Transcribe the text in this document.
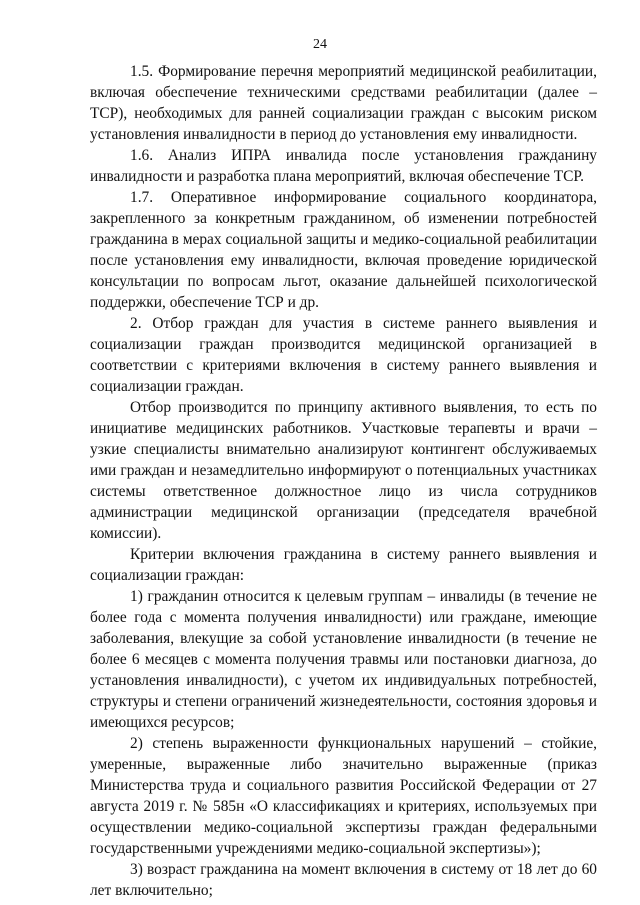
24

1.5. Формирование перечня мероприятий медицинской реабилитации, включая обеспечение техническими средствами реабилитации (далее – ТСР), необходимых для ранней социализации граждан с высоким риском установления инвалидности в период до установления ему инвалидности.

1.6. Анализ ИПРА инвалида после установления гражданину инвалидности и разработка плана мероприятий, включая обеспечение ТСР.

1.7. Оперативное информирование социального координатора, закрепленного за конкретным гражданином, об изменении потребностей гражданина в мерах социальной защиты и медико-социальной реабилитации после установления ему инвалидности, включая проведение юридической консультации по вопросам льгот, оказание дальнейшей психологической поддержки, обеспечение ТСР и др.

2. Отбор граждан для участия в системе раннего выявления и социализации граждан производится медицинской организацией в соответствии с критериями включения в систему раннего выявления и социализации граждан.

Отбор производится по принципу активного выявления, то есть по инициативе медицинских работников. Участковые терапевты и врачи – узкие специалисты внимательно анализируют контингент обслуживаемых ими граждан и незамедлительно информируют о потенциальных участниках системы ответственное должностное лицо из числа сотрудников администрации медицинской организации (председателя врачебной комиссии).

Критерии включения гражданина в систему раннего выявления и социализации граждан:

1) гражданин относится к целевым группам – инвалиды (в течение не более года с момента получения инвалидности) или граждане, имеющие заболевания, влекущие за собой установление инвалидности (в течение не более 6 месяцев с момента получения травмы или постановки диагноза, до установления инвалидности), с учетом их индивидуальных потребностей, структуры и степени ограничений жизнедеятельности, состояния здоровья и имеющихся ресурсов;

2) степень выраженности функциональных нарушений – стойкие, умеренные, выраженные либо значительно выраженные (приказ Министерства труда и социального развития Российской Федерации от 27 августа 2019 г. № 585н «О классификациях и критериях, используемых при осуществлении медико-социальной экспертизы граждан федеральными государственными учреждениями медико-социальной экспертизы»);

3) возраст гражданина на момент включения в систему от 18 лет до 60 лет включительно;
